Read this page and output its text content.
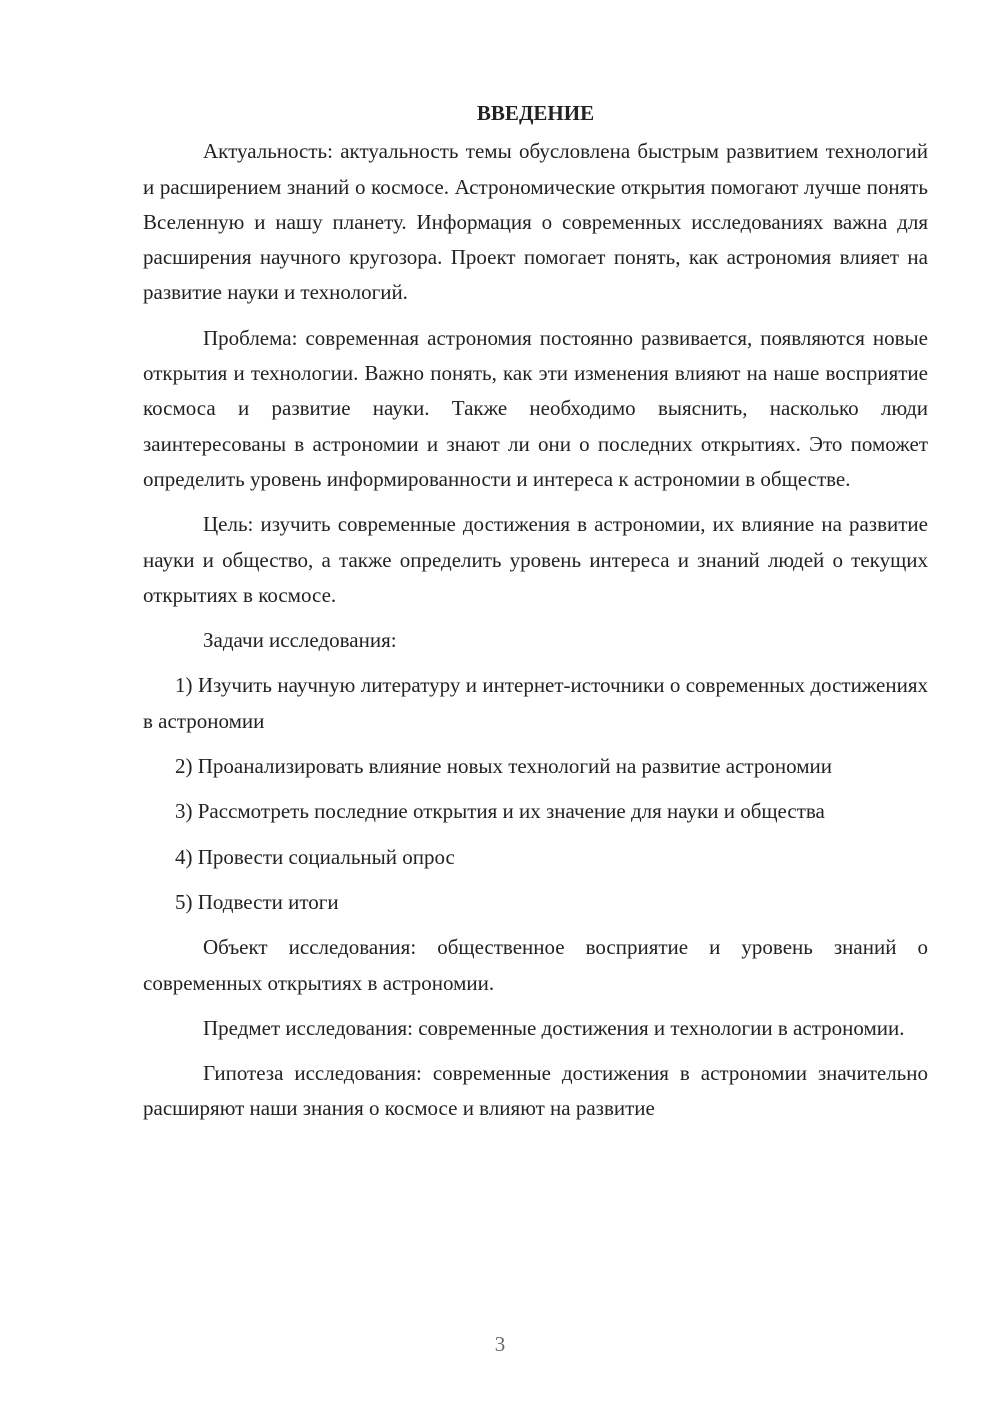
ВВЕДЕНИЕ

Актуальность: актуальность темы обусловлена быстрым развитием технологий и расширением знаний о космосе. Астрономические открытия помогают лучше понять Вселенную и нашу планету. Информация о современных исследованиях важна для расширения научного кругозора. Проект помогает понять, как астрономия влияет на развитие науки и технологий.

Проблема: современная астрономия постоянно развивается, появляются новые открытия и технологии. Важно понять, как эти изменения влияют на наше восприятие космоса и развитие науки. Также необходимо выяснить, насколько люди заинтересованы в астрономии и знают ли они о последних открытиях. Это поможет определить уровень информированности и интереса к астрономии в обществе.

Цель: изучить современные достижения в астрономии, их влияние на развитие науки и общество, а также определить уровень интереса и знаний людей о текущих открытиях в космосе.

Задачи исследования:

1) Изучить научную литературу и интернет-источники о современных достижениях в астрономии

2) Проанализировать влияние новых технологий на развитие астрономии

3) Рассмотреть последние открытия и их значение для науки и общества

4) Провести социальный опрос

5) Подвести итоги

Объект исследования: общественное восприятие и уровень знаний о современных открытиях в астрономии.

Предмет исследования: современные достижения и технологии в астрономии.

Гипотеза исследования: современные достижения в астрономии значительно расширяют наши знания о космосе и влияют на развитие

3
